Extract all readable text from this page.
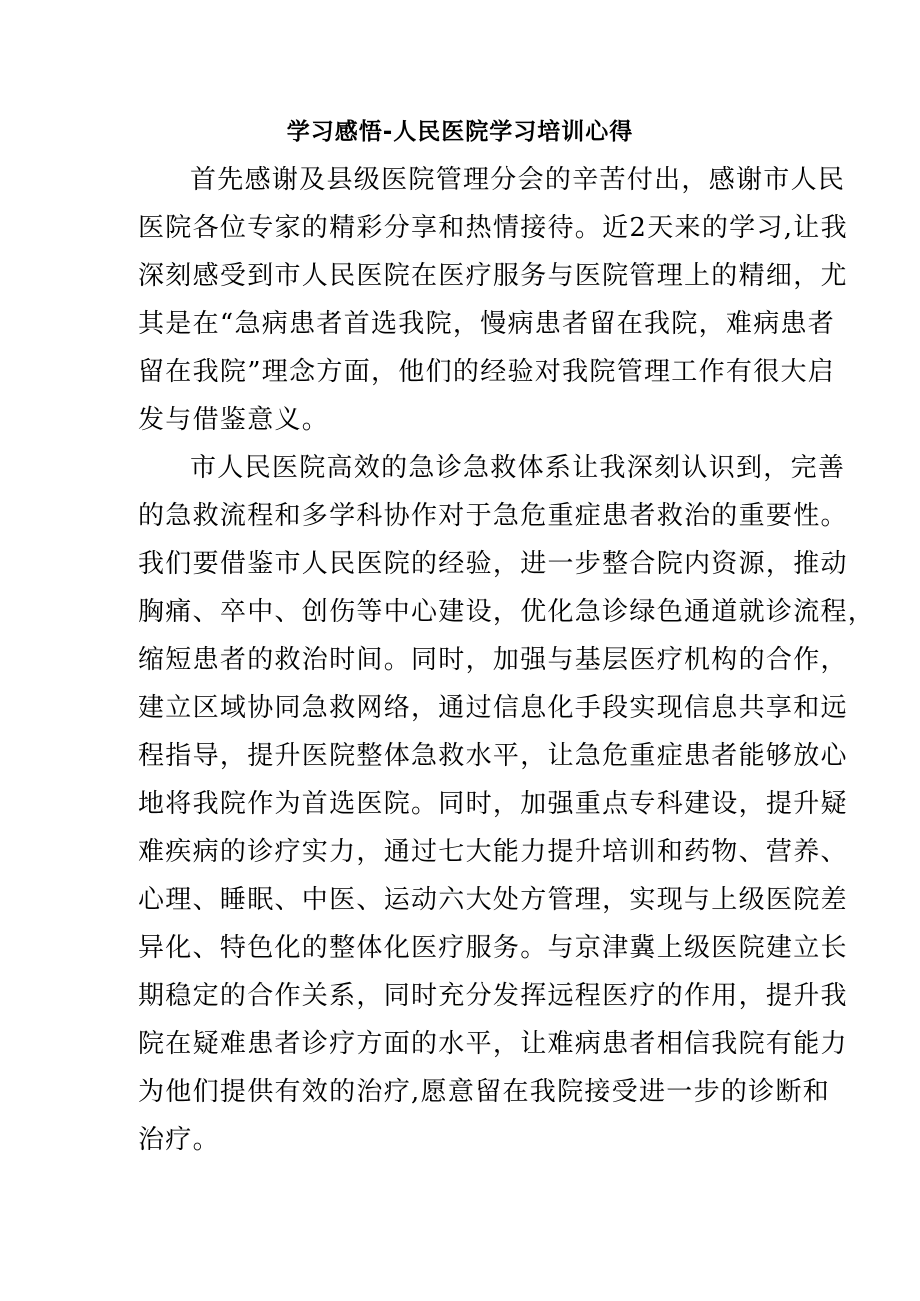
学习感悟-人民医院学习培训心得
首先感谢及县级医院管理分会的辛苦付出，感谢市人民
医院各位专家的精彩分享和热情接待。近2天来的学习,让我
深刻感受到市人民医院在医疗服务与医院管理上的精细，尤
其是在“急病患者首选我院，慢病患者留在我院，难病患者
留在我院”理念方面，他们的经验对我院管理工作有很大启
发与借鉴意义。
市人民医院高效的急诊急救体系让我深刻认识到，完善
的急救流程和多学科协作对于急危重症患者救治的重要性。
我们要借鉴市人民医院的经验，进一步整合院内资源，推动
胸痛、卒中、创伤等中心建设，优化急诊绿色通道就诊流程，
缩短患者的救治时间。同时，加强与基层医疗机构的合作，
建立区域协同急救网络，通过信息化手段实现信息共享和远
程指导，提升医院整体急救水平，让急危重症患者能够放心
地将我院作为首选医院。同时，加强重点专科建设，提升疑
难疾病的诊疗实力，通过七大能力提升培训和药物、营养、
心理、睡眠、中医、运动六大处方管理，实现与上级医院差
异化、特色化的整体化医疗服务。与京津冀上级医院建立长
期稳定的合作关系，同时充分发挥远程医疗的作用，提升我
院在疑难患者诊疗方面的水平，让难病患者相信我院有能力
为他们提供有效的治疗,愿意留在我院接受进一步的诊断和
治疗。
